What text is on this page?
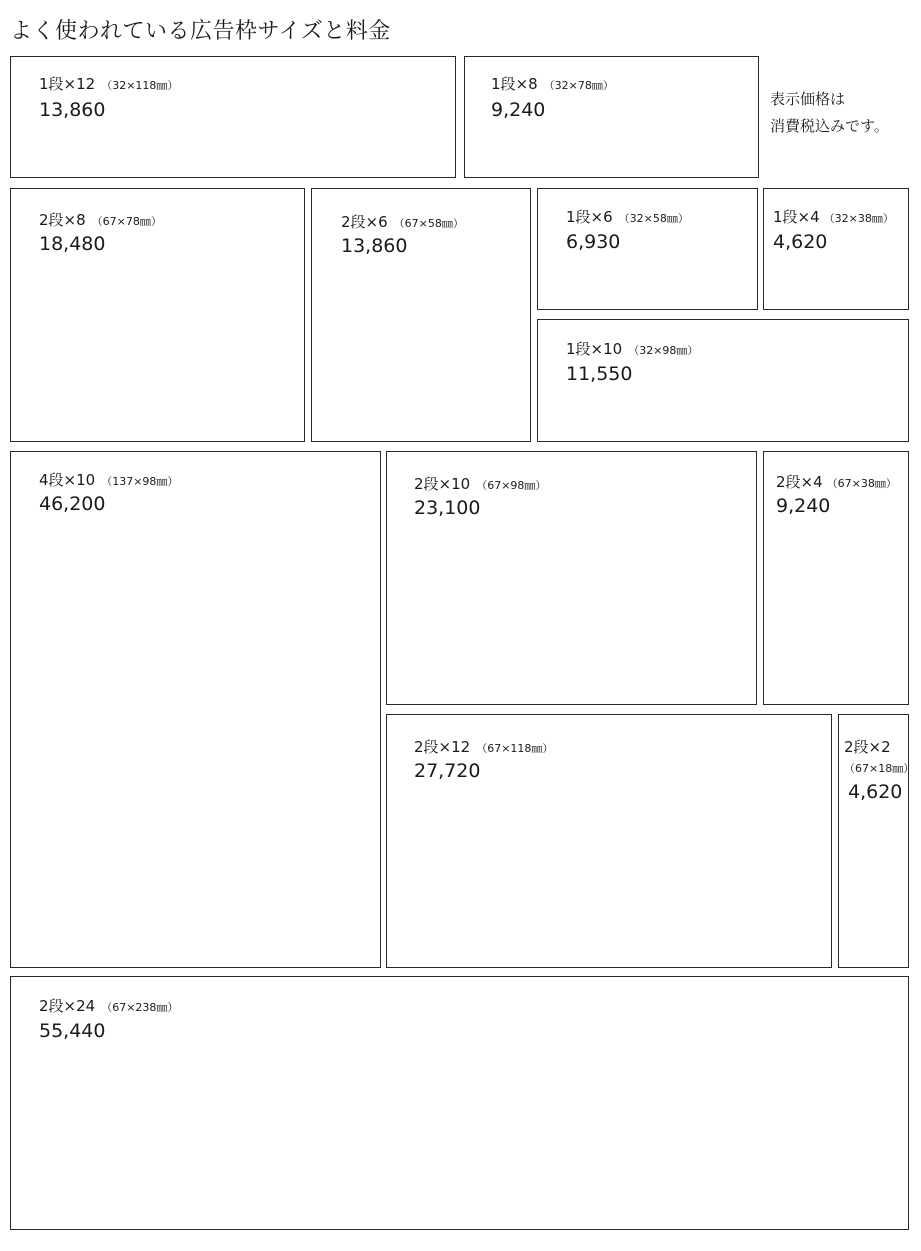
よく使われている広告枠サイズと料金
表示価格は
消費税込みです。
1段×12 （32×118㎜）
13,860
1段×8 （32×78㎜）
9,240
2段×8 （67×78㎜）
18,480
2段×6 （67×58㎜）
13,860
1段×6 （32×58㎜）
6,930
1段×4 （32×38㎜）
4,620
1段×10 （32×98㎜）
11,550
4段×10 （137×98㎜）
46,200
2段×10 （67×98㎜）
23,100
2段×4 （67×38㎜）
9,240
2段×12 （67×118㎜）
27,720
2段×2
（67×18㎜）
4,620
2段×24 （67×238㎜）
55,440
